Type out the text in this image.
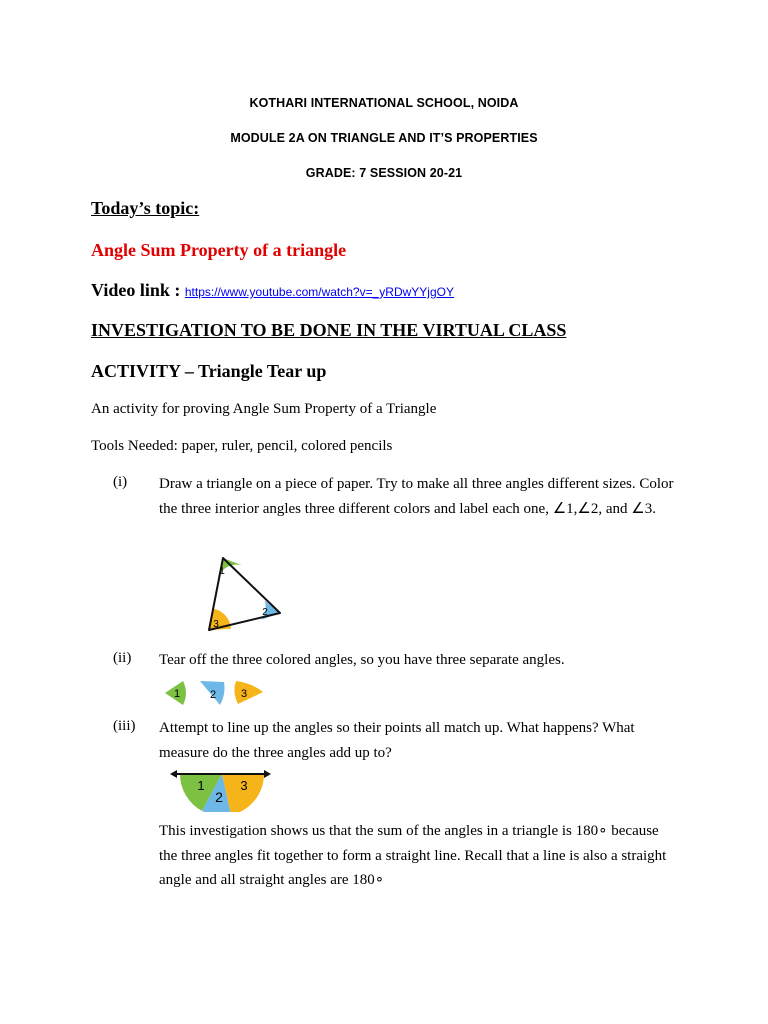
KOTHARI INTERNATIONAL SCHOOL, NOIDA
MODULE 2A ON TRIANGLE AND IT’S PROPERTIES
GRADE: 7 SESSION 20-21
Today’s topic:
Angle Sum Property of a triangle
Video link : https://www.youtube.com/watch?v=_yRDwYYjgOY
INVESTIGATION TO BE DONE IN THE VIRTUAL CLASS
ACTIVITY – Triangle Tear up
An activity for proving Angle Sum Property of a Triangle
Tools Needed: paper, ruler, pencil, colored pencils
(i) Draw a triangle on a piece of paper. Try to make all three angles different sizes. Color the three interior angles three different colors and label each one, ∠1,∠2, and ∠3.
1
2
3
(ii) Tear off the three colored angles, so you have three separate angles.
1	2 3
(iii) Attempt to line up the angles so their points all match up. What happens? What measure do the three angles add up to?
1
2
3
This investigation shows us that the sum of the angles in a triangle is 180∘ because the three angles fit together to form a straight line. Recall that a line is also a straight angle and all straight angles are 180∘
